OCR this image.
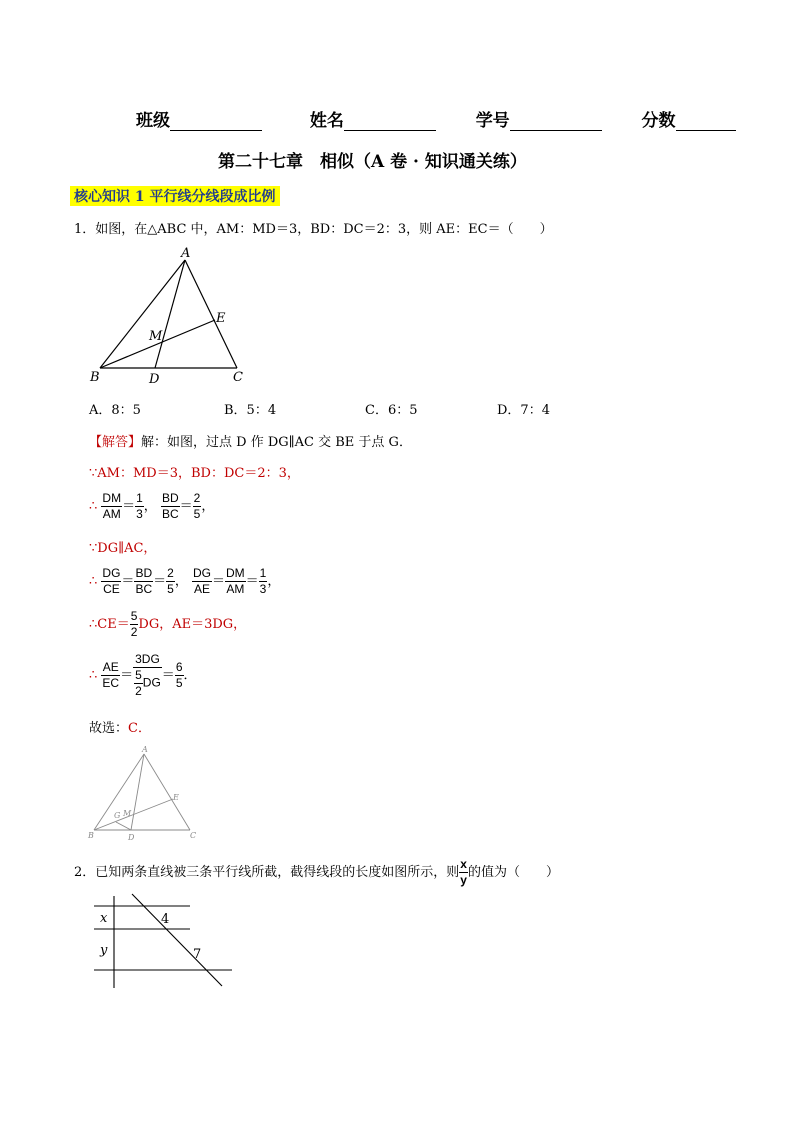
班级	姓名	学号	分数
第二十七章　相似（A 卷 · 知识通关练）
核心知识 1 平行线分线段成比例
1．如图，在△ABC 中，AM：MD＝3，BD：DC＝2：3，则 AE：EC＝（　　）
A
B	C
D
E
M
A．8：5	B．5：4	C．6：5	D．7：4
【解答】解：如图，过点 D 作 DG∥AC 交 BE 于点 G．
∵AM：MD＝3，BD：DC＝2：3，
∴ $\frac{DM}{AM} = \frac{1}{3}$ ， $\frac{BD}{BC} = \frac{2}{5}$ ，
∵DG∥AC，
∴ $\frac{DG}{CE} = \frac{BD}{BC} = \frac{2}{5}$ ， $\frac{DG}{AE} = \frac{DM}{AM} = \frac{1}{3}$ ，
∴CE＝ $\frac{5}{2}$ DG，AE＝3DG，
∴ $\frac{AE}{EC} = \frac{3DG}{\frac{5}{2} DG} = \frac{6}{5}$ ．
故选：C．
A
B	C
D
E
G M
2．已知两条直线被三条平行线所截，截得线段的长度如图所示，则 $\frac{x}{y}$ 的值为（　　）
x
y
4
7
